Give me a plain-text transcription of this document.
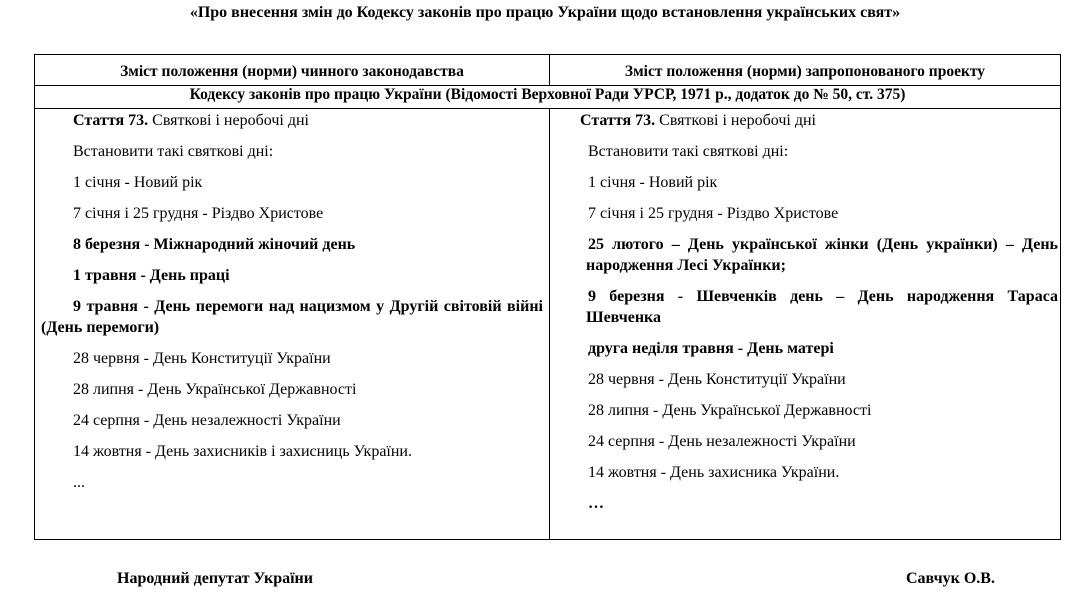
«Про внесення змін до Кодексу законів про працю України щодо встановлення українських свят»
Зміст положення (норми) чинного законодавства	Зміст положення (норми) запропонованого проекту
Кодексу законів про працю України (Відомості Верховної Ради УРСР, 1971 р., додаток до № 50, ст. 375)

Стаття 73. Святкові і неробочі дні

Встановити такі святкові дні:

1 січня - Новий рік

7 січня і 25 грудня - Різдво Христове

8 березня - Міжнародний жіночий день

1 травня - День праці

9 травня - День перемоги над нацизмом у Другій світовій війні (День перемоги)

28 червня - День Конституції України

28 липня - День Української Державності

24 серпня - День незалежності України

14 жовтня - День захисників і захисниць України.

...

Стаття 73. Святкові і неробочі дні

Встановити такі святкові дні:

1 січня - Новий рік

7 січня і 25 грудня - Різдво Христове

25 лютого – День української жінки (День українки) – День народження Лесі Українки;

9 березня - Шевченків день – День народження Тараса Шевченка

друга неділя травня - День матері

28 червня - День Конституції України

28 липня - День Української Державності

24 серпня - День незалежності України

14 жовтня - День захисника України.

…

Народний депутат України	Савчук О.В.
